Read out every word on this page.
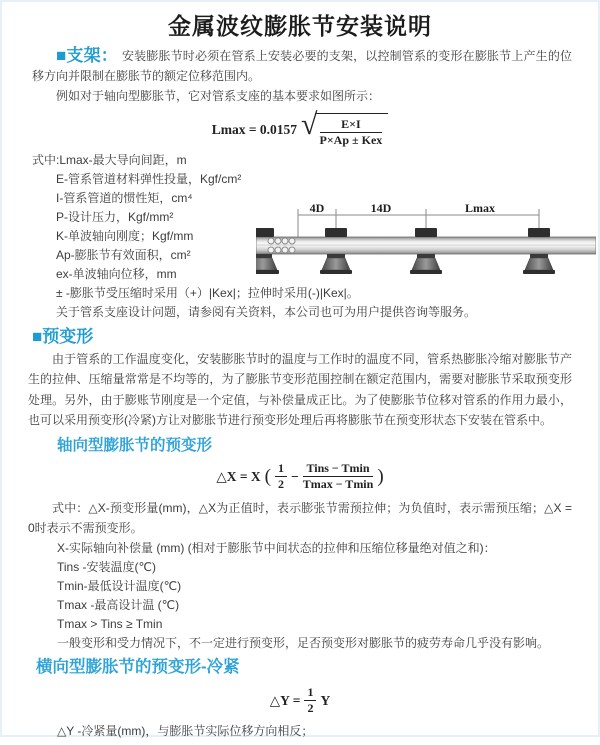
金属波纹膨胀节安装说明

■支架： 安装膨胀节时必须在管系上安装必要的支架，以控制管系的变形在膨胀节上产生的位移方向并限制在膨胀节的额定位移范围内。

例如对于轴向型膨胀节，它对管系支座的基本要求如图所示：

Lmax = 0.0157 √ $\frac{E\times I}{\text{P×Ap ± Kex}}$
式中:Lmax-最大导向间距，m
E-管系管道材料弹性投量，Kgf/cm²
I-管系管道的惯性矩，cm⁴
P-设计压力，Kgf/mm²
K-单波轴向刚度；Kgf/mm
Ap-膨胀节有效面积，cm²
ex-单波轴向位移，mm
± -膨胀节受压缩时采用（+）|Kex|；拉伸时采用(-)|Kex|。
关于管系支座设计问题，请参阅有关资料，本公司也可为用户提供咨询等服务。
4D	14D	Lmax
■预变形

由于管系的工作温度变化，安装膨胀节时的温度与工作时的温度不同，管系热膨胀冷缩对膨胀节产生的拉伸、压缩量常常是不均等的，为了膨胀节变形范围控制在额定范围内，需要对膨胀节采取预变形处理。另外，由于膨账节刚度是一个定值，与补偿量成正比。为了使膨胀节位移对管系的作用力最小，也可以采用预变形(冷紧)方让对膨胀节进行预变形处理后再将膨胀节在预变形状态下安装在管系中。

轴向型膨胀节的预变形
△X = X ( $\frac{1}{2} - \frac{\text{Tins − Tmin}}{Tmax - Tmin}$ )

式中：△X-预变形量(mm)，△X为正值时，表示膨张节需预拉伸；为负值时，表示需预压缩；△X = 0时表示不需预变形。

X-实际轴向补偿量 (mm) (相对于膨胀节中间状态的拉伸和压缩位移量绝对值之和)：
Tins -安装温度(℃)
Tmin-最低设计温度(℃)
Tmax -最高设计温 (℃)
Tmax > Tins ≥ Tmin
一般变形和受力情况下，不一定进行预变形，足否预变形对膨胀节的疲劳寿命几乎没有影响。
横向型膨胀节的预变形-冷紧
△Y = $\frac{1}{2}$ Y
△Y -冷紧量(mm)，与膨胀节实际位移方向相反；
